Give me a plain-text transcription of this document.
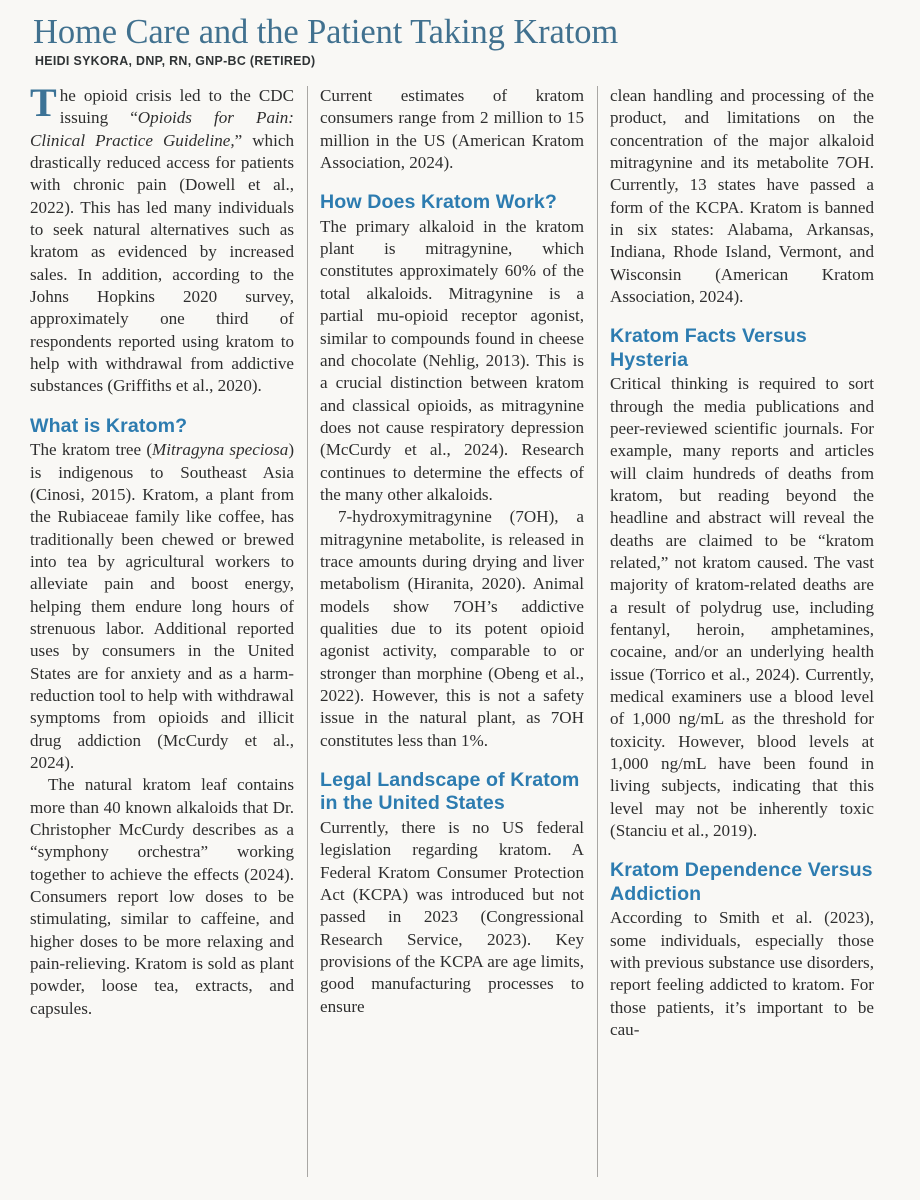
Home Care and the Patient Taking Kratom
HEIDI SYKORA, DNP, RN, GNP-BC (RETIRED)

The opioid crisis led to the CDC issuing “Opioids for Pain: Clinical Practice Guideline,” which drastically reduced access for patients with chronic pain (Dowell et al., 2022). This has led many individuals to seek natural alternatives such as kratom as evidenced by increased sales. In addition, according to the Johns Hopkins 2020 survey, approximately one third of respondents reported using kratom to help with withdrawal from addictive substances (Griffiths et al., 2020).

What is Kratom?

The kratom tree (Mitragyna speciosa) is indigenous to Southeast Asia (Cinosi, 2015). Kratom, a plant from the Rubiaceae family like coffee, has traditionally been chewed or brewed into tea by agricultural workers to alleviate pain and boost energy, helping them endure long hours of strenuous labor. Additional reported uses by consumers in the United States are for anxiety and as a harm-reduction tool to help with withdrawal symptoms from opioids and illicit drug addiction (McCurdy et al., 2024).

The natural kratom leaf contains more than 40 known alkaloids that Dr. Christopher McCurdy describes as a “symphony orchestra” working together to achieve the effects (2024). Consumers report low doses to be stimulating, similar to caffeine, and higher doses to be more relaxing and pain-relieving. Kratom is sold as plant powder, loose tea, extracts, and capsules.

Current estimates of kratom consumers range from 2 million to 15 million in the US (American Kratom Association, 2024).

How Does Kratom Work?

The primary alkaloid in the kratom plant is mitragynine, which constitutes approximately 60% of the total alkaloids. Mitragynine is a partial mu-opioid receptor agonist, similar to compounds found in cheese and chocolate (Nehlig, 2013). This is a crucial distinction between kratom and classical opioids, as mitragynine does not cause respiratory depression (McCurdy et al., 2024). Research continues to determine the effects of the many other alkaloids.

7-hydroxymitragynine (7OH), a mitragynine metabolite, is released in trace amounts during drying and liver metabolism (Hiranita, 2020). Animal models show 7OH’s addictive qualities due to its potent opioid agonist activity, comparable to or stronger than morphine (Obeng et al., 2022). However, this is not a safety issue in the natural plant, as 7OH constitutes less than 1%.

Legal Landscape of Kratom in the United States

Currently, there is no US federal legislation regarding kratom. A Federal Kratom Consumer Protection Act (KCPA) was introduced but not passed in 2023 (Congressional Research Service, 2023). Key provisions of the KCPA are age limits, good manufacturing processes to ensure

clean handling and processing of the product, and limitations on the concentration of the major alkaloid mitragynine and its metabolite 7OH. Currently, 13 states have passed a form of the KCPA. Kratom is banned in six states: Alabama, Arkansas, Indiana, Rhode Island, Vermont, and Wisconsin (American Kratom Association, 2024).

Kratom Facts Versus Hysteria

Critical thinking is required to sort through the media publications and peer-reviewed scientific journals. For example, many reports and articles will claim hundreds of deaths from kratom, but reading beyond the headline and abstract will reveal the deaths are claimed to be “kratom related,” not kratom caused. The vast majority of kratom-related deaths are a result of polydrug use, including fentanyl, heroin, amphetamines, cocaine, and/or an underlying health issue (Torrico et al., 2024). Currently, medical examiners use a blood level of 1,000 ng/mL as the threshold for toxicity. However, blood levels at 1,000 ng/mL have been found in living subjects, indicating that this level may not be inherently toxic (Stanciu et al., 2019).

Kratom Dependence Versus Addiction

According to Smith et al. (2023), some individuals, especially those with previous substance use disorders, report feeling addicted to kratom. For those patients, it’s important to be cau-
